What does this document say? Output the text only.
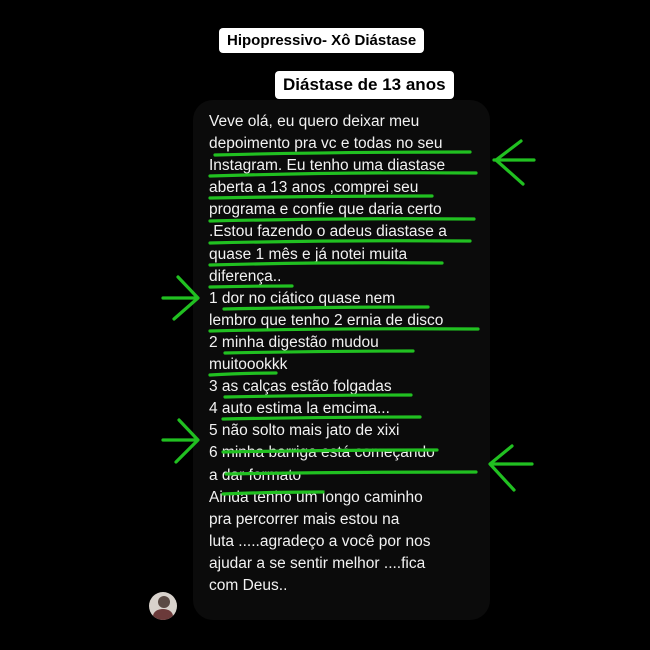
Hipopressivo- Xô Diástase
Diástase de 13 anos
Veve olá, eu quero deixar meu
depoimento pra vc e todas no seu
Instagram. Eu tenho uma diastase
aberta a 13 anos ,comprei seu
programa e confie que daria certo
.Estou fazendo o adeus diastase a
quase 1 mês e já notei muita
diferença..
1 dor no ciático quase nem
lembro que tenho 2 ernia de disco
2 minha digestão mudou
muitoookkk
3 as calças estão folgadas
4 auto estima la emcima...
5 não solto mais jato de xixi
6 minha barriga está começando
a dar formato
Ainda tenho um longo caminho
pra percorrer mais estou na
luta .....agradeço a você por nos
ajudar a se sentir melhor ....fica
com Deus..
